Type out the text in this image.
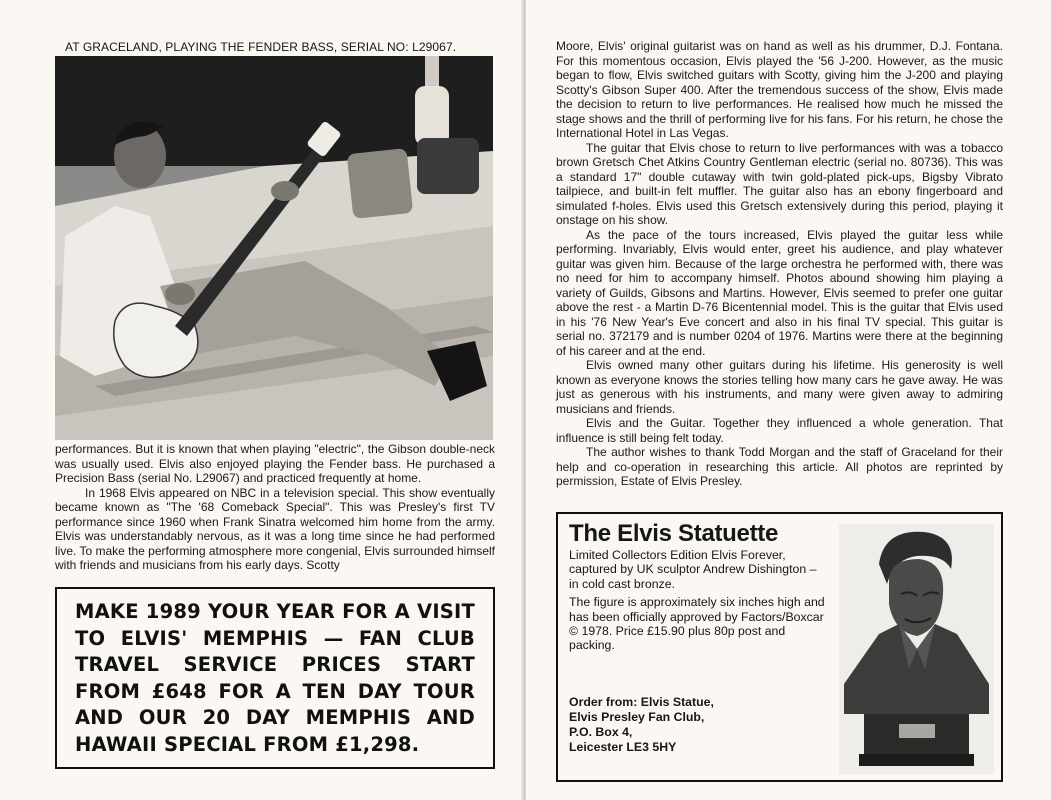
AT GRACELAND, PLAYING THE FENDER BASS, SERIAL NO: L29067.

performances. But it is known that when playing "electric", the Gibson double-neck was usually used. Elvis also enjoyed playing the Fender bass. He purchased a Precision Bass (serial No. L29067) and practiced frequently at home.

In 1968 Elvis appeared on NBC in a television special. This show eventually became known as "The '68 Comeback Special". This was Presley's first TV performance since 1960 when Frank Sinatra welcomed him home from the army. Elvis was understandably nervous, as it was a long time since he had performed live. To make the performing atmosphere more congenial, Elvis surrounded himself with friends and musicians from his early days. Scotty

MAKE 1989 YOUR YEAR FOR A VISIT TO ELVIS' MEMPHIS — FAN CLUB TRAVEL SERVICE PRICES START FROM £648 FOR A TEN DAY TOUR AND OUR 20 DAY MEMPHIS AND HAWAII SPECIAL FROM £1,298.

Moore, Elvis' original guitarist was on hand as well as his drummer, D.J. Fontana. For this momentous occasion, Elvis played the '56 J-200. However, as the music began to flow, Elvis switched guitars with Scotty, giving him the J-200 and playing Scotty's Gibson Super 400. After the tremendous success of the show, Elvis made the decision to return to live performances. He realised how much he missed the stage shows and the thrill of performing live for his fans. For his return, he chose the International Hotel in Las Vegas.

The guitar that Elvis chose to return to live performances with was a tobacco brown Gretsch Chet Atkins Country Gentleman electric (serial no. 80736). This was a standard 17" double cutaway with twin gold-plated pick-ups, Bigsby Vibrato tailpiece, and built-in felt muffler. The guitar also has an ebony fingerboard and simulated f-holes. Elvis used this Gretsch extensively during this period, playing it onstage on his show.

As the pace of the tours increased, Elvis played the guitar less while performing. Invariably, Elvis would enter, greet his audience, and play whatever guitar was given him. Because of the large orchestra he performed with, there was no need for him to accompany himself. Photos abound showing him playing a variety of Guilds, Gibsons and Martins. However, Elvis seemed to prefer one guitar above the rest - a Martin D-76 Bicentennial model. This is the guitar that Elvis used in his '76 New Year's Eve concert and also in his final TV special. This guitar is serial no. 372179 and is number 0204 of 1976. Martins were there at the beginning of his career and at the end.

Elvis owned many other guitars during his lifetime. His generosity is well known as everyone knows the stories telling how many cars he gave away. He was just as generous with his instruments, and many were given away to admiring musicians and friends.

Elvis and the Guitar. Together they influenced a whole generation. That influence is still being felt today.

The author wishes to thank Todd Morgan and the staff of Graceland for their help and co-operation in researching this article. All photos are reprinted by permission, Estate of Elvis Presley.

The Elvis Statuette

Limited Collectors Edition Elvis Forever, captured by UK sculptor Andrew Dishington – in cold cast bronze.

The figure is approximately six inches high and has been officially approved by Factors/Boxcar © 1978. Price £15.90 plus 80p post and packing.

Order from: Elvis Statue,
Elvis Presley Fan Club,
P.O. Box 4,
Leicester LE3 5HY
